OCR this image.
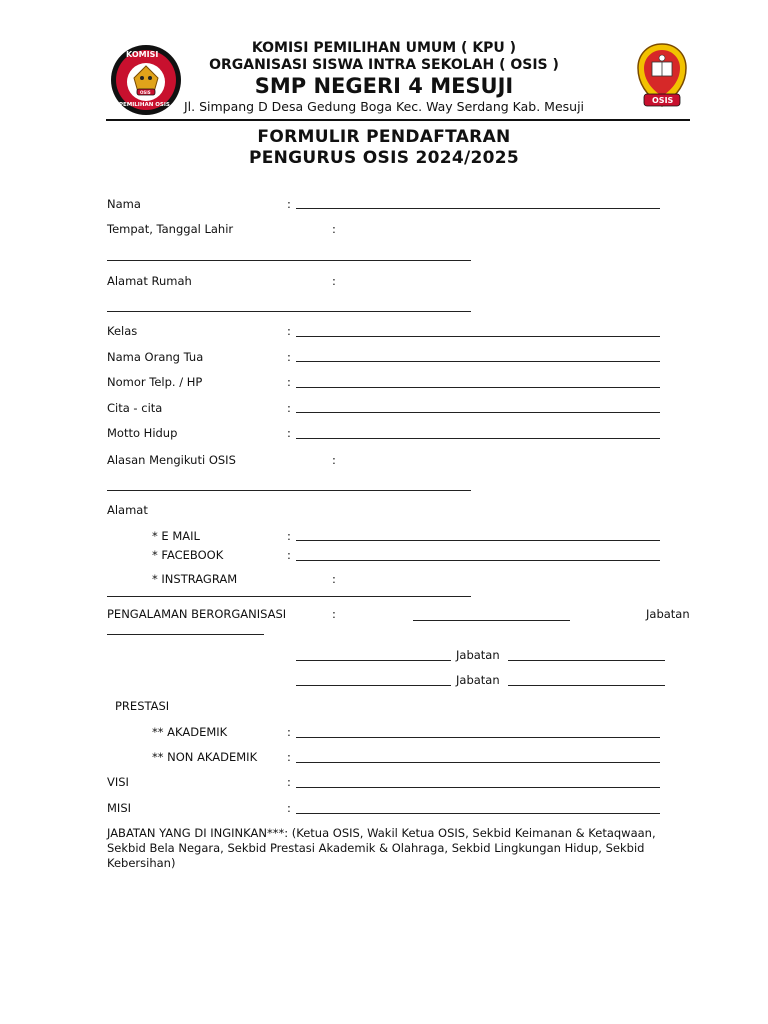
KOMISI
OSIS
PEMILIHAN OSIS	OSIS
KOMISI PEMILIHAN UMUM ( KPU )
ORGANISASI SISWA INTRA SEKOLAH ( OSIS )
SMP NEGERI 4 MESUJI
Jl. Simpang D Desa Gedung Boga Kec. Way Serdang Kab. Mesuji
FORMULIR PENDAFTARAN
PENGURUS OSIS 2024/2025
Nama	:
Tempat, Tanggal Lahir	:
Alamat Rumah	:
Kelas	:
Nama Orang Tua	:
Nomor Telp. / HP	:
Cita - cita	:
Motto Hidup	:
Alasan Mengikuti OSIS	:
Alamat
* E MAIL	:
* FACEBOOK	:
* INSTRAGRAM	:
PENGALAMAN BERORGANISASI	:	Jabatan
Jabatan
Jabatan
PRESTASI
** AKADEMIK	:
** NON AKADEMIK	:
VISI	:
MISI	:
JABATAN YANG DI INGINKAN***: (Ketua OSIS, Wakil Ketua OSIS, Sekbid Keimanan & Ketaqwaan, Sekbid Bela Negara, Sekbid Prestasi Akademik & Olahraga, Sekbid Lingkungan Hidup, Sekbid Kebersihan)
